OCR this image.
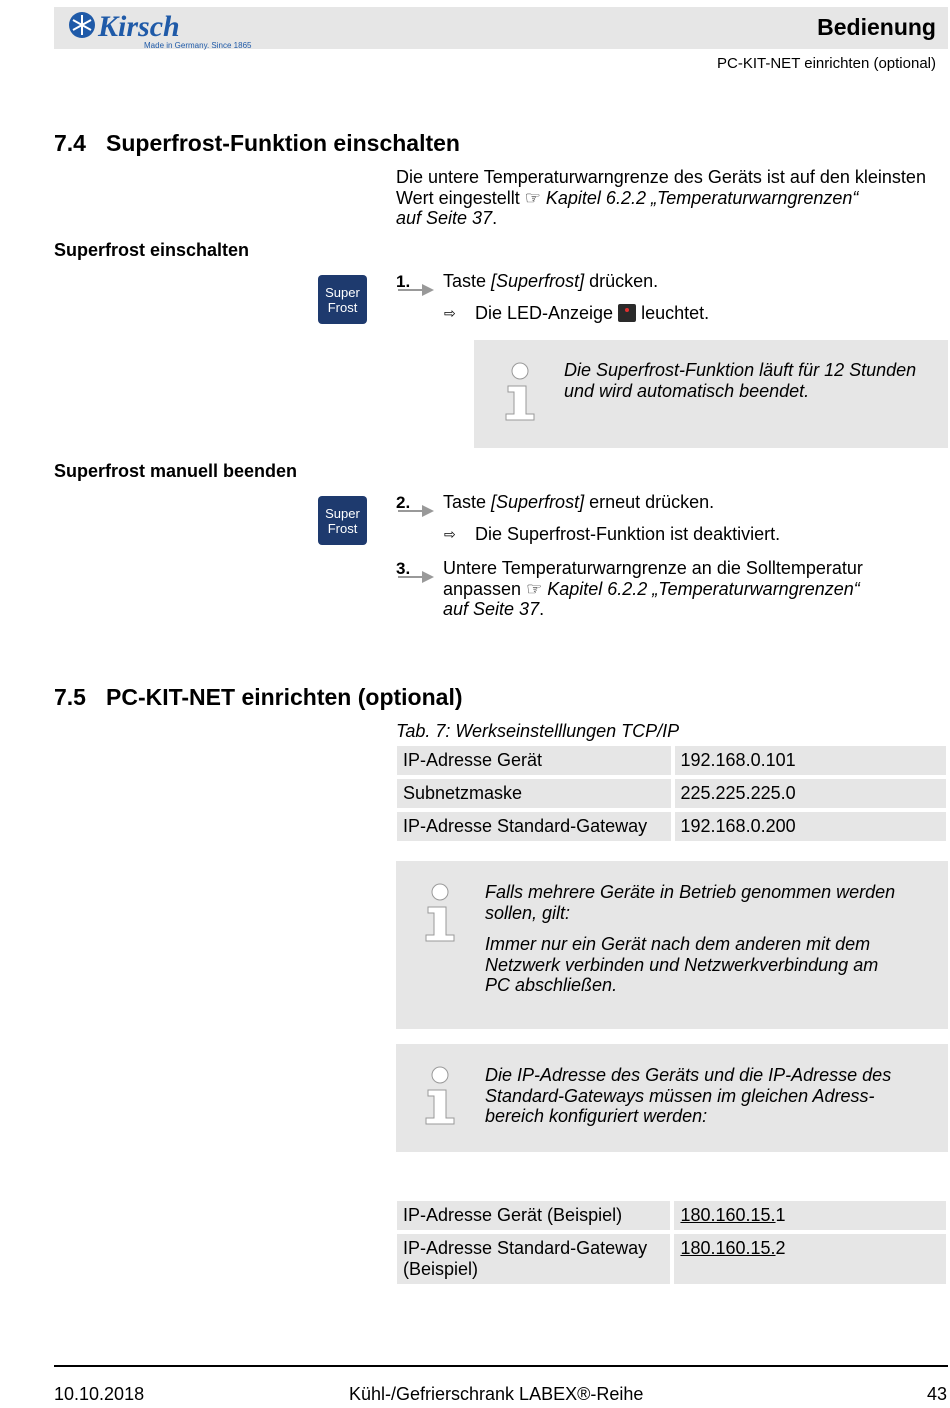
Kirsch
Made in Germany. Since 1865.
Bedienung
PC-KIT-NET einrichten (optional)
7.4 Superfrost-Funktion einschalten
Die untere Temperaturwarngrenze des Geräts ist auf den kleinsten
Wert eingestellt ☞ Kapitel 6.2.2 „Temperaturwarngrenzen“
auf Seite 37.
Superfrost einschalten
Super
Frost
1. Taste [Superfrost] drücken.
⇨ Die LED-Anzeige  leuchtet.
Die Superfrost-Funktion läuft für 12 Stunden und wird automatisch beendet.
Superfrost manuell beenden
Super
Frost
2. Taste [Superfrost] erneut drücken.
⇨ Die Superfrost-Funktion ist deaktiviert.
3. Untere Temperaturwarngrenze an die Solltemperatur
anpassen ☞ Kapitel 6.2.2 „Temperaturwarngrenzen“
auf Seite 37.
7.5 PC-KIT-NET einrichten (optional)
Tab. 7: Werkseinstelllungen TCP/IP
IP-Adresse Gerät	192.168.0.101
Subnetzmaske	225.225.225.0
IP-Adresse Standard-Gateway	192.168.0.200
Falls mehrere Geräte in Betrieb genommen werden sollen, gilt:
Immer nur ein Gerät nach dem anderen mit dem Netzwerk verbinden und Netzwerkverbindung am PC abschließen.
Die IP-Adresse des Geräts und die IP-Adresse des
Standard-Gateways müssen im gleichen Adress-
bereich konfiguriert werden:
IP-Adresse Gerät (Beispiel)	180.160.15.1
IP-Adresse Standard-Gateway (Beispiel)	180.160.15.2
10.10.2018	Kühl-/Gefrierschrank LABEX®-Reihe	43
